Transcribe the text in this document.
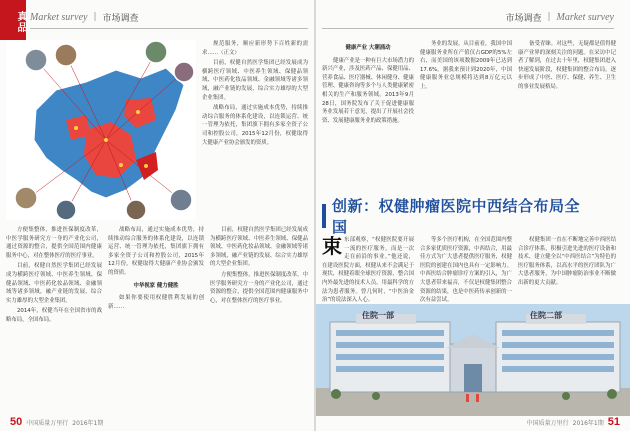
真品 Market survey | 市场调查

规范服务，顺应新形势下百姓新的需求……（正文）

目前，权健自然医学集团已经发展成为横跨医疗领域、中医养生领域、保健品领域、中医药化妆品领域、金融领域等诸多领域，融产业链的发展、综合实力雄厚的大型企业集团。

战略布局，通过实施成本优势，持续推动综合服务的体系化建设，以连锁运营、统一管理为依托，集团旗下拥有多家全资子公司和控股公司，2015年12月份，权健取得大健康产业协会颁发的资质。

方便集整体，推进医保制度改革，中医学服务研究方一身的产业化公司，通过资源的整合，提供全国范围内健康服务中心，对在整体医疗的医疗事业。

目前，权健自然医学集团已经发展成为横跨医疗领域、中医养生领域、保健品领域、中医药化妆品领域、金融领域等诸多领域，融产业链的发展、综合实力雄厚的大型企业集团。

2014年，权健当年在全国省市的战略布局，全国布局。

战略布局，通过实施成本优势，持续推动综合服务的体系化建设，以连锁运营、统一管理为依托，集团旗下拥有多家全资子公司和控股公司，2015年12月份，权健取得大健康产业协会颁发的资质。

中华视家 健力健胜

如果你要使用权健胜利发展的创新……

目前，权健自然医学集团已经发展成为横跨医疗领域、中医养生领域、保健品领域、中医药化妆品领域、金融领域等诸多领域，融产业链的发展、综合实力雄厚的大型企业集团。

方便集整体，推进医保制度改革，中医学服务研究方一身的产业化公司，通过资源的整合，提供全国范围内健康服务中心，对在整体医疗的医疗事业。

50 中国质量万里行 2016年1期
市场调查 | Market survey

健康产业 大潮涌动

健康产业是一种有巨大市场潜力的新兴产业，涉及医药产品、保健用品、营养食品、医疗器械、休闲健身、健康管理、健康咨询等多个与人类健康紧密相关的生产和服务领域。2013年9月28日，国务院发布了关于促进健康服务业发展若干意见，提出了开展社会投资、发展健康服务业的政策措施。

务业的发展。从目前看，我国中国健康服务业所在产值仅占GDP的5%左右，而美国的该项数据2009年已达到17.6%。据我来预计到2020年，中国健康服务业总规模将达到8万亿元以上。

备受青睐。对这些，无疑都是值得健康产业界的深刻关注的问题。在采访中记者了解到，在过去十年里，权健集团进入快速发展阶段，权健集团的整合布局，逐步形成了中医、医疗、保健、养生、卫生的事业发展格局。

创新：权健肿瘤医院中西结合布局全国
束 东部观察，“权健医院要开展一流的医疗服务，而是一次走在前沿的事业。”他还说，在建设医院方面，权健从来不会满足于现状，权健着眼全球医疗资源，整合国内外最先进的技术人员，用最科学的方法为患者服务。曾几何时，“中医治金治”的说法深入人心。

等多个医疗机构，在全国范围内整合多家优质医疗资源，中西结合，用最佳方式为广大患者提供医疗服务，权健医院的创建在国内也具有一定影响力。中西医结合肿瘤诊疗方案的引入，为广大患者带来福音，不仅是权健集团整合资源的结果，也是中医药传承创新的一次有益尝试。

权健集团一直在不断地完善中西医结合诊疗体系，积极引进先进的医疗设备和技术，建立健全以“中西医结合”为特色的医疗服务体系，以高水平的医疗团队为广大患者服务，为中国肿瘤防治事业不断做出新的更大贡献。

住院一部	住院二部
中国质量万里行 2016年1期 51
